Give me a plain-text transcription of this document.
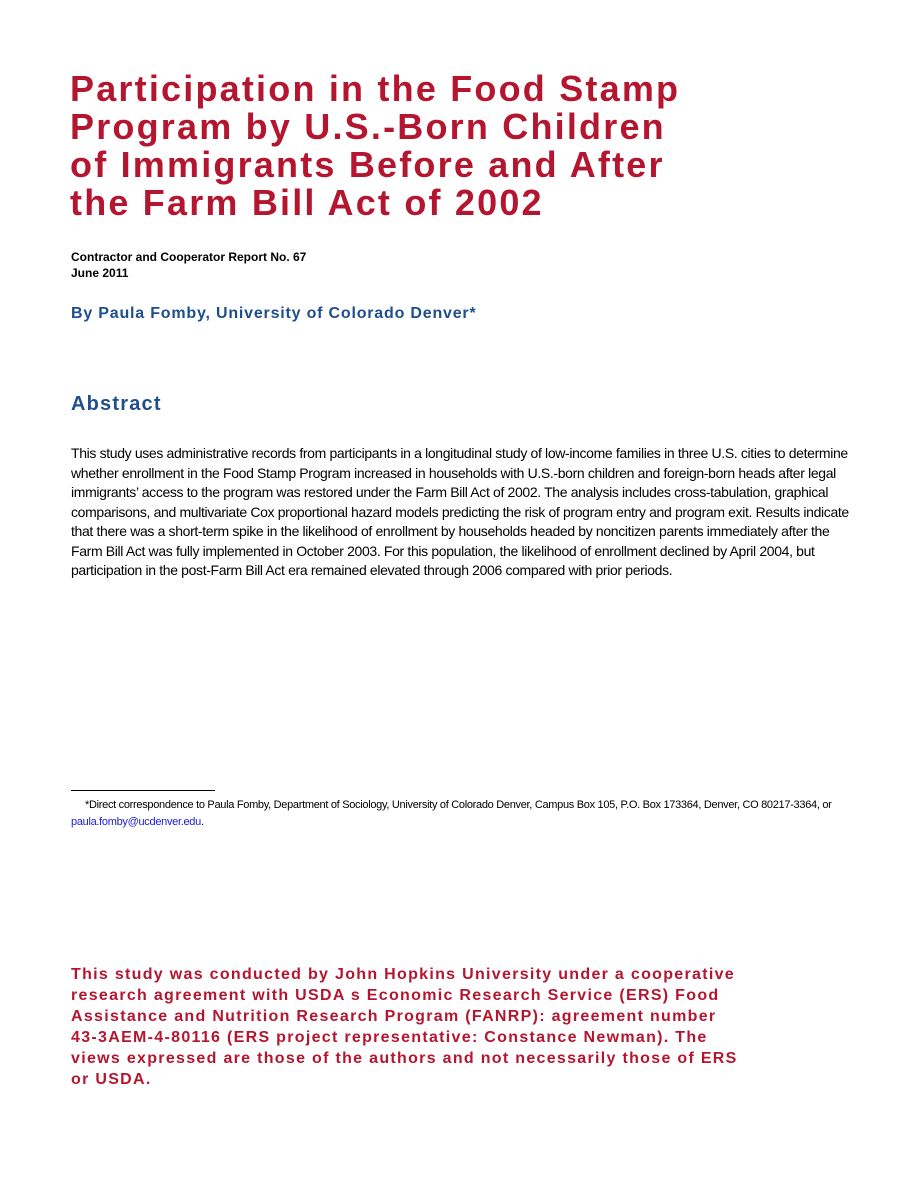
Participation in the Food Stamp
Program by U.S.-Born Children
of Immigrants Before and After
the Farm Bill Act of 2002
Contractor and Cooperator Report No. 67
June 2011
By Paula Fomby, University of Colorado Denver*
Abstract

This study uses administrative records from participants in a longitudinal study of low-income families in three U.S. cities to determine whether enrollment in the Food Stamp Program increased in households with U.S.-born children and foreign-born heads after legal immigrants’ access to the program was restored under the Farm Bill Act of 2002. The analysis includes cross-tabulation, graphical comparisons, and multivariate Cox proportional hazard models predicting the risk of program entry and program exit. Results indicate that there was a short-term spike in the likelihood of enrollment by households headed by noncitizen parents immediately after the Farm Bill Act was fully implemented in October 2003. For this population, the likelihood of enrollment declined by April 2004, but participation in the post-Farm Bill Act era remained elevated through 2006 compared with prior periods.

*Direct correspondence to Paula Fomby, Department of Sociology, University of Colorado Denver, Campus Box 105, P.O. Box 173364, Denver, CO 80217-3364, or paula.fomby@ucdenver.edu.

This study was conducted by John Hopkins University under a cooperative
research agreement with USDA s Economic Research Service (ERS) Food
Assistance and Nutrition Research Program (FANRP): agreement number
43-3AEM-4-80116 (ERS project representative: Constance Newman). The
views expressed are those of the authors and not necessarily those of ERS
or USDA.
